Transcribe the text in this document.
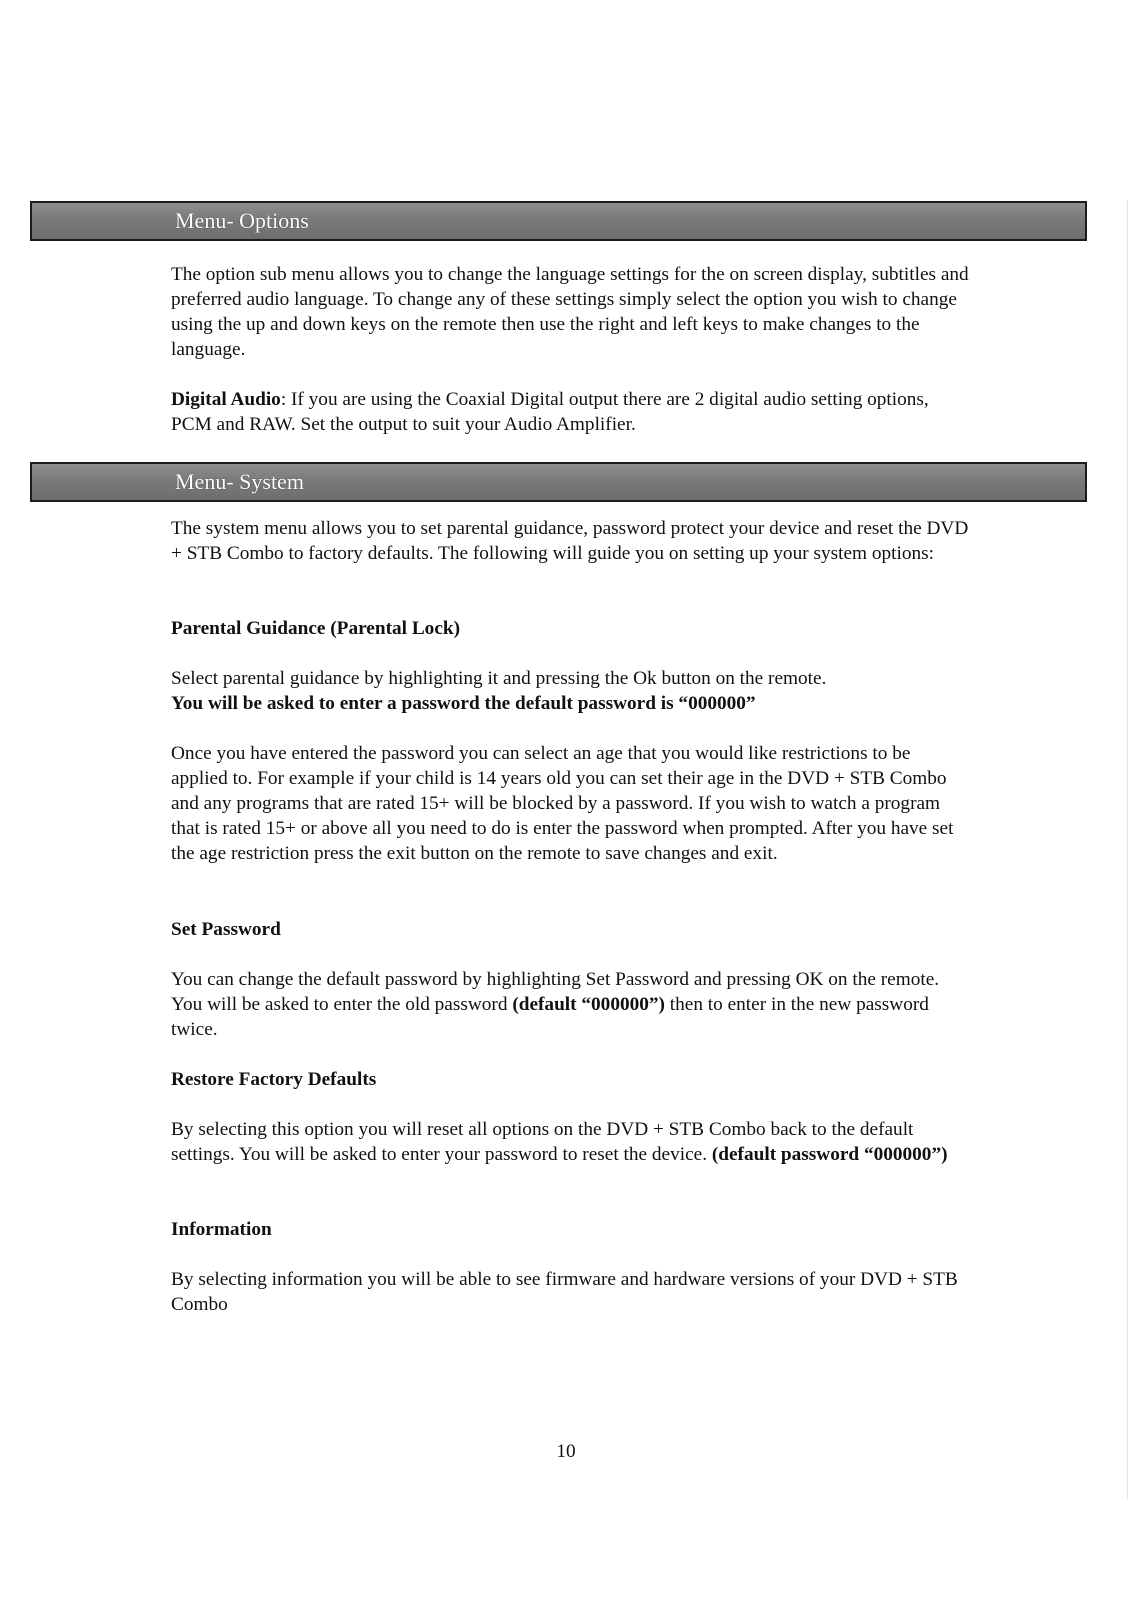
Menu- Options

The option sub menu allows you to change the language settings for the on screen display, subtitles and preferred audio language. To change any of these settings simply select the option you wish to change using the up and down keys on the remote then use the right and left keys to make changes to the language.

Digital Audio: If you are using the Coaxial Digital output there are 2 digital audio setting options, PCM and RAW. Set the output to suit your Audio Amplifier.

Menu- System

The system menu allows you to set parental guidance, password protect your device and reset the DVD + STB Combo to factory defaults. The following will guide you on setting up your system options:

Parental Guidance (Parental Lock)

Select parental guidance by highlighting it and pressing the Ok button on the remote.
You will be asked to enter a password the default password is “000000”

Once you have entered the password you can select an age that you would like restrictions to be applied to. For example if your child is 14 years old you can set their age in the DVD + STB Combo and any programs that are rated 15+ will be blocked by a password. If you wish to watch a program that is rated 15+ or above all you need to do is enter the password when prompted. After you have set the age restriction press the exit button on the remote to save changes and exit.

Set Password

You can change the default password by highlighting Set Password and pressing OK on the remote. You will be asked to enter the old password (default “000000”) then to enter in the new password twice.

Restore Factory Defaults

By selecting this option you will reset all options on the DVD + STB Combo back to the default settings. You will be asked to enter your password to reset the device. (default password “000000”)

Information

By selecting information you will be able to see firmware and hardware versions of your DVD + STB Combo

10
